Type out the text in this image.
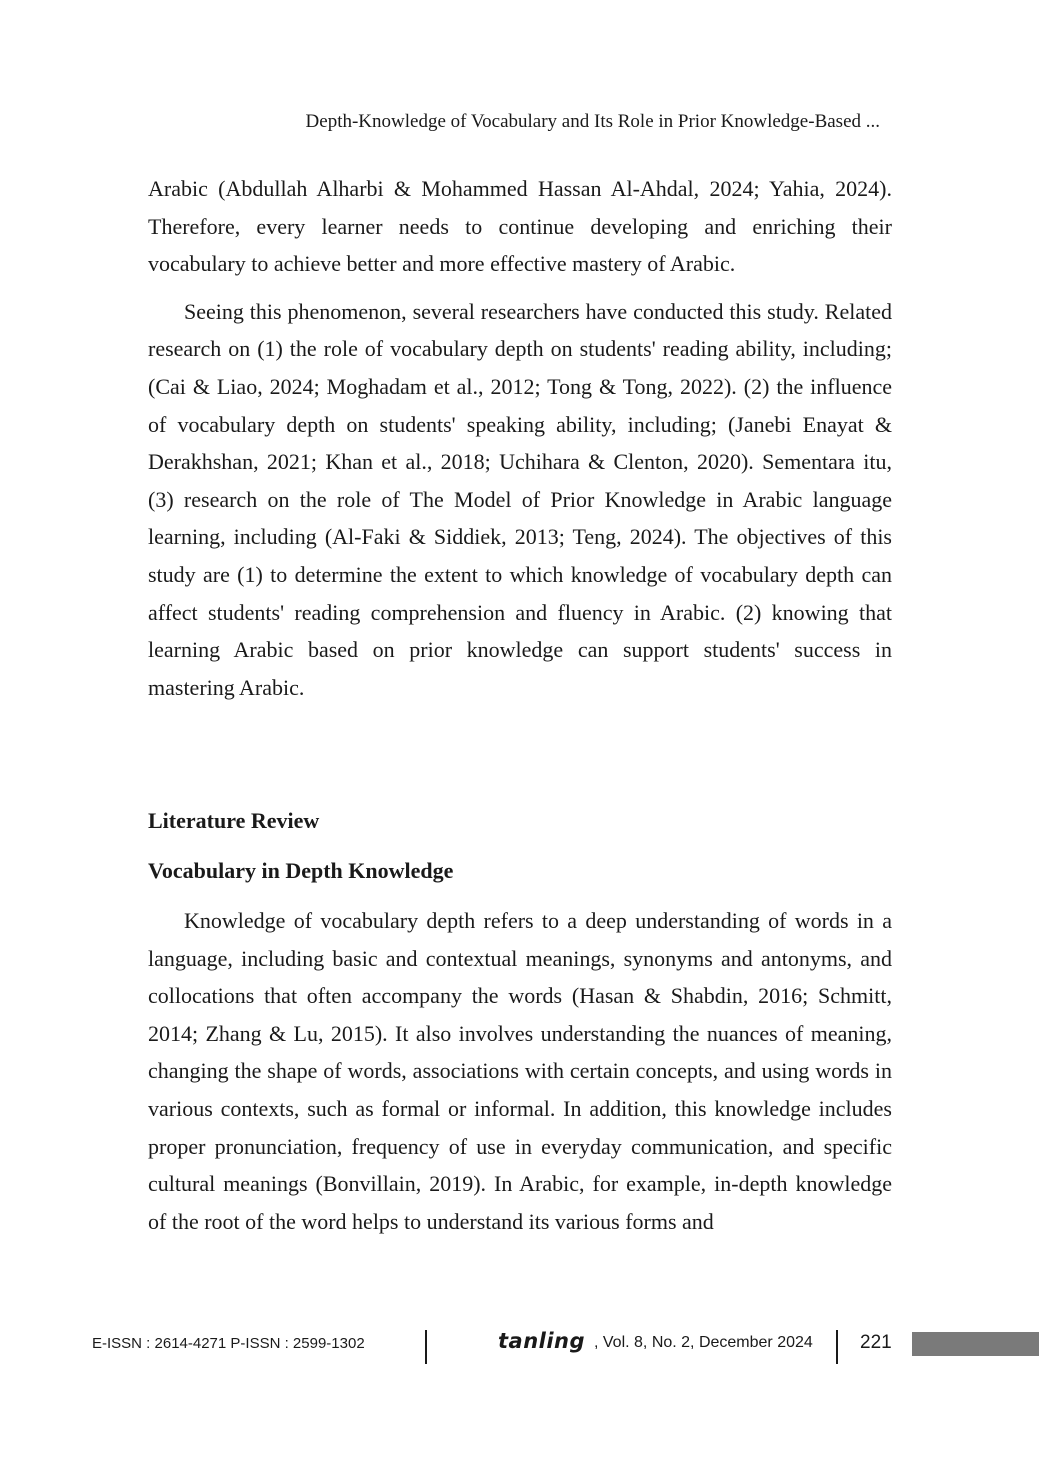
Depth-Knowledge of Vocabulary and Its Role in Prior Knowledge-Based ...

Arabic (Abdullah Alharbi & Mohammed Hassan Al-Ahdal, 2024; Yahia, 2024). Therefore, every learner needs to continue developing and enriching their vocabulary to achieve better and more effective mastery of Arabic.

Seeing this phenomenon, several researchers have conducted this study. Related research on (1) the role of vocabulary depth on students' reading ability, including; (Cai & Liao, 2024; Moghadam et al., 2012; Tong & Tong, 2022). (2) the influence of vocabulary depth on students' speaking ability, including; (Janebi Enayat & Derakhshan, 2021; Khan et al., 2018; Uchihara & Clenton, 2020). Sementara itu, (3) research on the role of The Model of Prior Knowledge in Arabic language learning, including (Al-Faki & Siddiek, 2013; Teng, 2024). The objectives of this study are (1) to determine the extent to which knowledge of vocabulary depth can affect students' reading comprehension and fluency in Arabic. (2) knowing that learning Arabic based on prior knowledge can support students' success in mastering Arabic.

Literature Review
Vocabulary in Depth Knowledge

Knowledge of vocabulary depth refers to a deep understanding of words in a language, including basic and contextual meanings, synonyms and antonyms, and collocations that often accompany the words (Hasan & Shabdin, 2016; Schmitt, 2014; Zhang & Lu, 2015). It also involves understanding the nuances of meaning, changing the shape of words, associations with certain concepts, and using words in various contexts, such as formal or informal. In addition, this knowledge includes proper pronunciation, frequency of use in everyday communication, and specific cultural meanings (Bonvillain, 2019). In Arabic, for example, in-depth knowledge of the root of the word helps to understand its various forms and

E-ISSN : 2614-4271 P-ISSN : 2599-1302	tanling , Vol. 8, No. 2, December 2024 221
